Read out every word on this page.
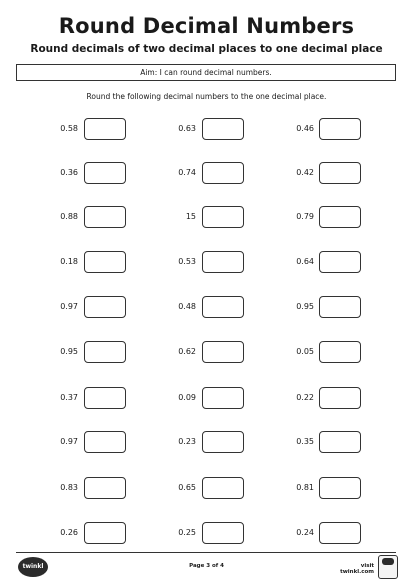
Round Decimal Numbers
Round decimals of two decimal places to one decimal place
Aim: I can round decimal numbers.
Round the following decimal numbers to the one decimal place.
0.58	0.63	0.46
0.36	0.74	0.42
0.88	15	0.79
0.18	0.53	0.64
0.97	0.48	0.95
0.95	0.62	0.05
0.37	0.09	0.22
0.97	0.23	0.35
0.83	0.65	0.81
0.26	0.25	0.24
twinkl	Page 3 of 4	visit twinkl.com
